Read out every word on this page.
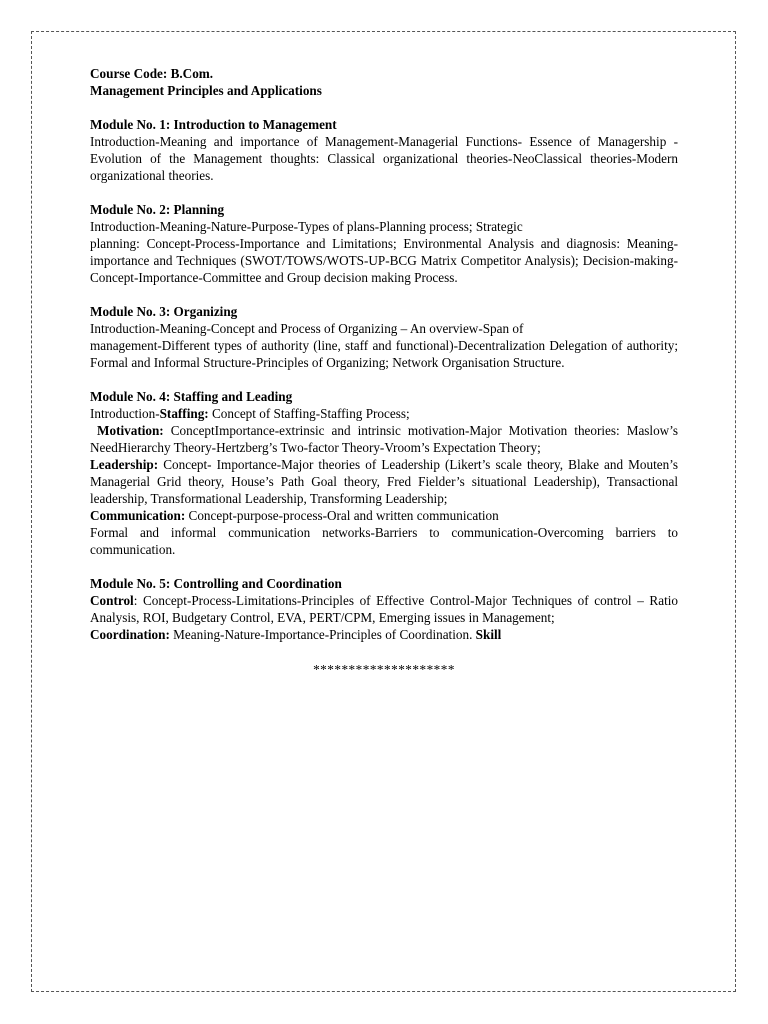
Course Code: B.Com.
Management Principles and Applications
Module No. 1: Introduction to Management
Introduction-Meaning and importance of Management-Managerial Functions- Essence of Managership - Evolution of the Management thoughts: Classical organizational theories-NeoClassical theories-Modern organizational theories.
Module No. 2: Planning
Introduction-Meaning-Nature-Purpose-Types of plans-Planning process; Strategic
planning: Concept-Process-Importance and Limitations; Environmental Analysis and diagnosis: Meaning-importance and Techniques (SWOT/TOWS/WOTS-UP-BCG Matrix Competitor Analysis); Decision-making-Concept-Importance-Committee and Group decision making Process.
Module No. 3: Organizing
Introduction-Meaning-Concept and Process of Organizing – An overview-Span of
management-Different types of authority (line, staff and functional)-Decentralization Delegation of authority; Formal and Informal Structure-Principles of Organizing; Network Organisation Structure.
Module No. 4: Staffing and Leading
Introduction-Staffing: Concept of Staffing-Staffing Process;
Motivation: ConceptImportance-extrinsic and intrinsic motivation-Major Motivation theories: Maslow’s NeedHierarchy Theory-Hertzberg’s Two-factor Theory-Vroom’s Expectation Theory;
Leadership: Concept- Importance-Major theories of Leadership (Likert’s scale theory, Blake and Mouten’s Managerial Grid theory, House’s Path Goal theory, Fred Fielder’s situational Leadership), Transactional leadership, Transformational Leadership, Transforming Leadership;
Communication: Concept-purpose-process-Oral and written communication
Formal and informal communication networks-Barriers to communication-Overcoming barriers to communication.
Module No. 5: Controlling and Coordination
Control: Concept-Process-Limitations-Principles of Effective Control-Major Techniques of control – Ratio Analysis, ROI, Budgetary Control, EVA, PERT/CPM, Emerging issues in Management;
Coordination: Meaning-Nature-Importance-Principles of Coordination. Skill
********************
